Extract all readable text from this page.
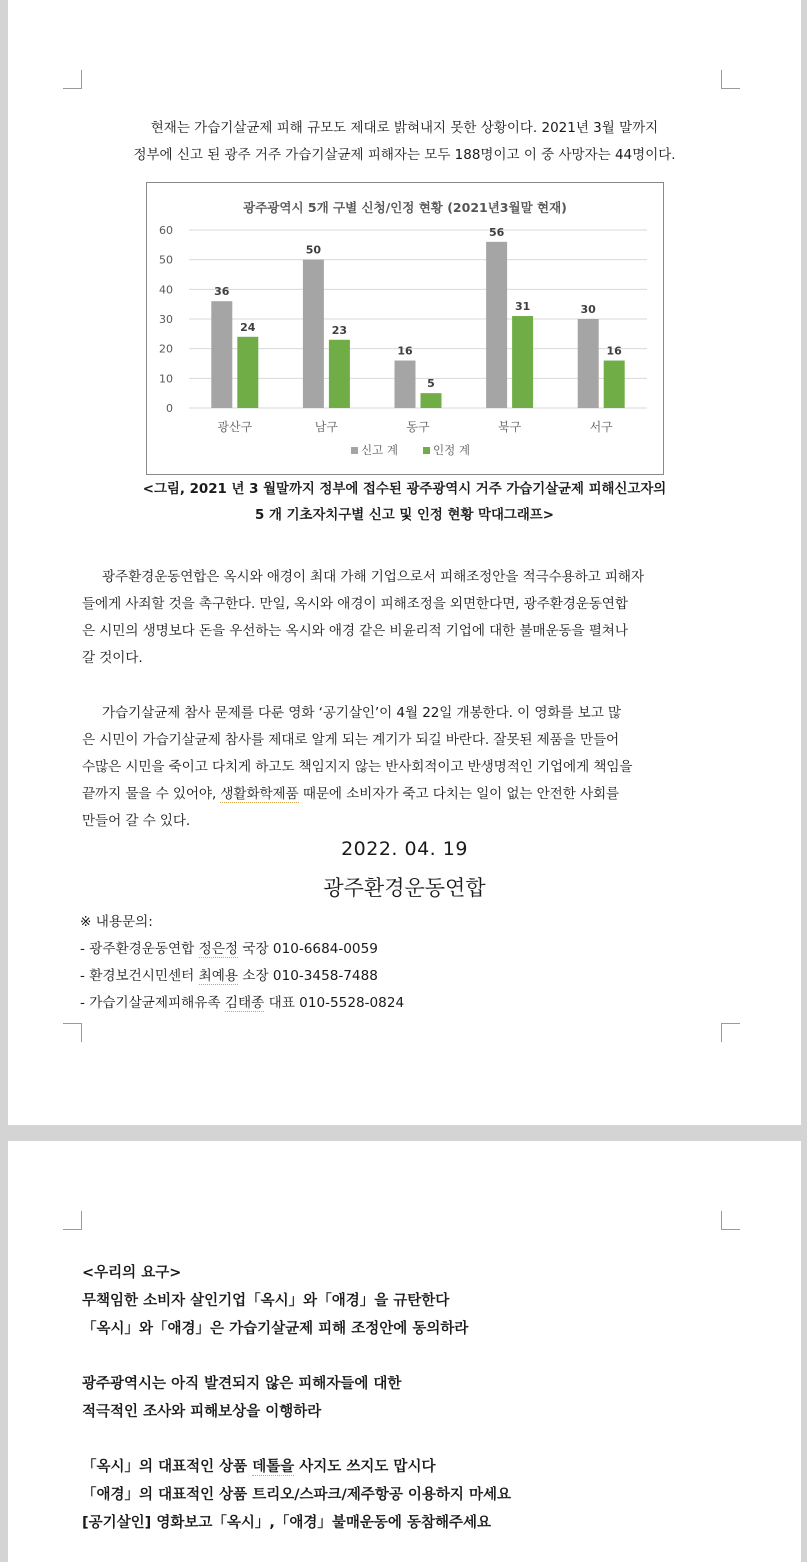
현재는 가습기살균제 피해 규모도 제대로 밝혀내지 못한 상황이다. 2021년 3월 말까지
정부에 신고 된 광주 거주 가습기살균제 피해자는 모두 188명이고 이 중 사망자는 44명이다.
광주광역시 5개 구별 신청/인정 현황 (2021년3월말 현재)
0
10
20
30
40
50
60
36
24
광산구
50
23
남구
16
5
동구
56
31
북구
30
16
서구
신고 계	인정 계
<그림, 2021 년 3 월말까지 정부에 접수된 광주광역시 거주 가습기살균제 피해신고자의
5 개 기초자치구별 신고 및 인정 현황 막대그래프>
광주환경운동연합은 옥시와 애경이 최대 가해 기업으로서 피해조정안을 적극수용하고 피해자
들에게 사죄할 것을 촉구한다. 만일, 옥시와 애경이 피해조정을 외면한다면, 광주환경운동연합
은 시민의 생명보다 돈을 우선하는 옥시와 애경 같은 비윤리적 기업에 대한 불매운동을 펼쳐나
갈 것이다.
가습기살균제 참사 문제를 다룬 영화 ‘공기살인’이 4월 22일 개봉한다. 이 영화를 보고 많
은 시민이 가습기살균제 참사를 제대로 알게 되는 계기가 되길 바란다. 잘못된 제품을 만들어
수많은 시민을 죽이고 다치게 하고도 책임지지 않는 반사회적이고 반생명적인 기업에게 책임을
끝까지 물을 수 있어야, 생활화학제품 때문에 소비자가 죽고 다치는 일이 없는 안전한 사회를
만들어 갈 수 있다.
2022. 04. 19
광주환경운동연합
※ 내용문의:
- 광주환경운동연합 정은정 국장 010-6684-0059
- 환경보건시민센터 최예용 소장 010-3458-7488
- 가습기살균제피해유족 김태종 대표 010-5528-0824
<우리의 요구>
무책임한 소비자 살인기업「옥시」와「애경」을 규탄한다
「옥시」와「애경」은 가습기살균제 피해 조정안에 동의하라
광주광역시는 아직 발견되지 않은 피해자들에 대한
적극적인 조사와 피해보상을 이행하라
「옥시」의 대표적인 상품 데톨을 사지도 쓰지도 맙시다
「애경」의 대표적인 상품 트리오/스파크/제주항공 이용하지 마세요
[공기살인] 영화보고「옥시」,「애경」불매운동에 동참해주세요
